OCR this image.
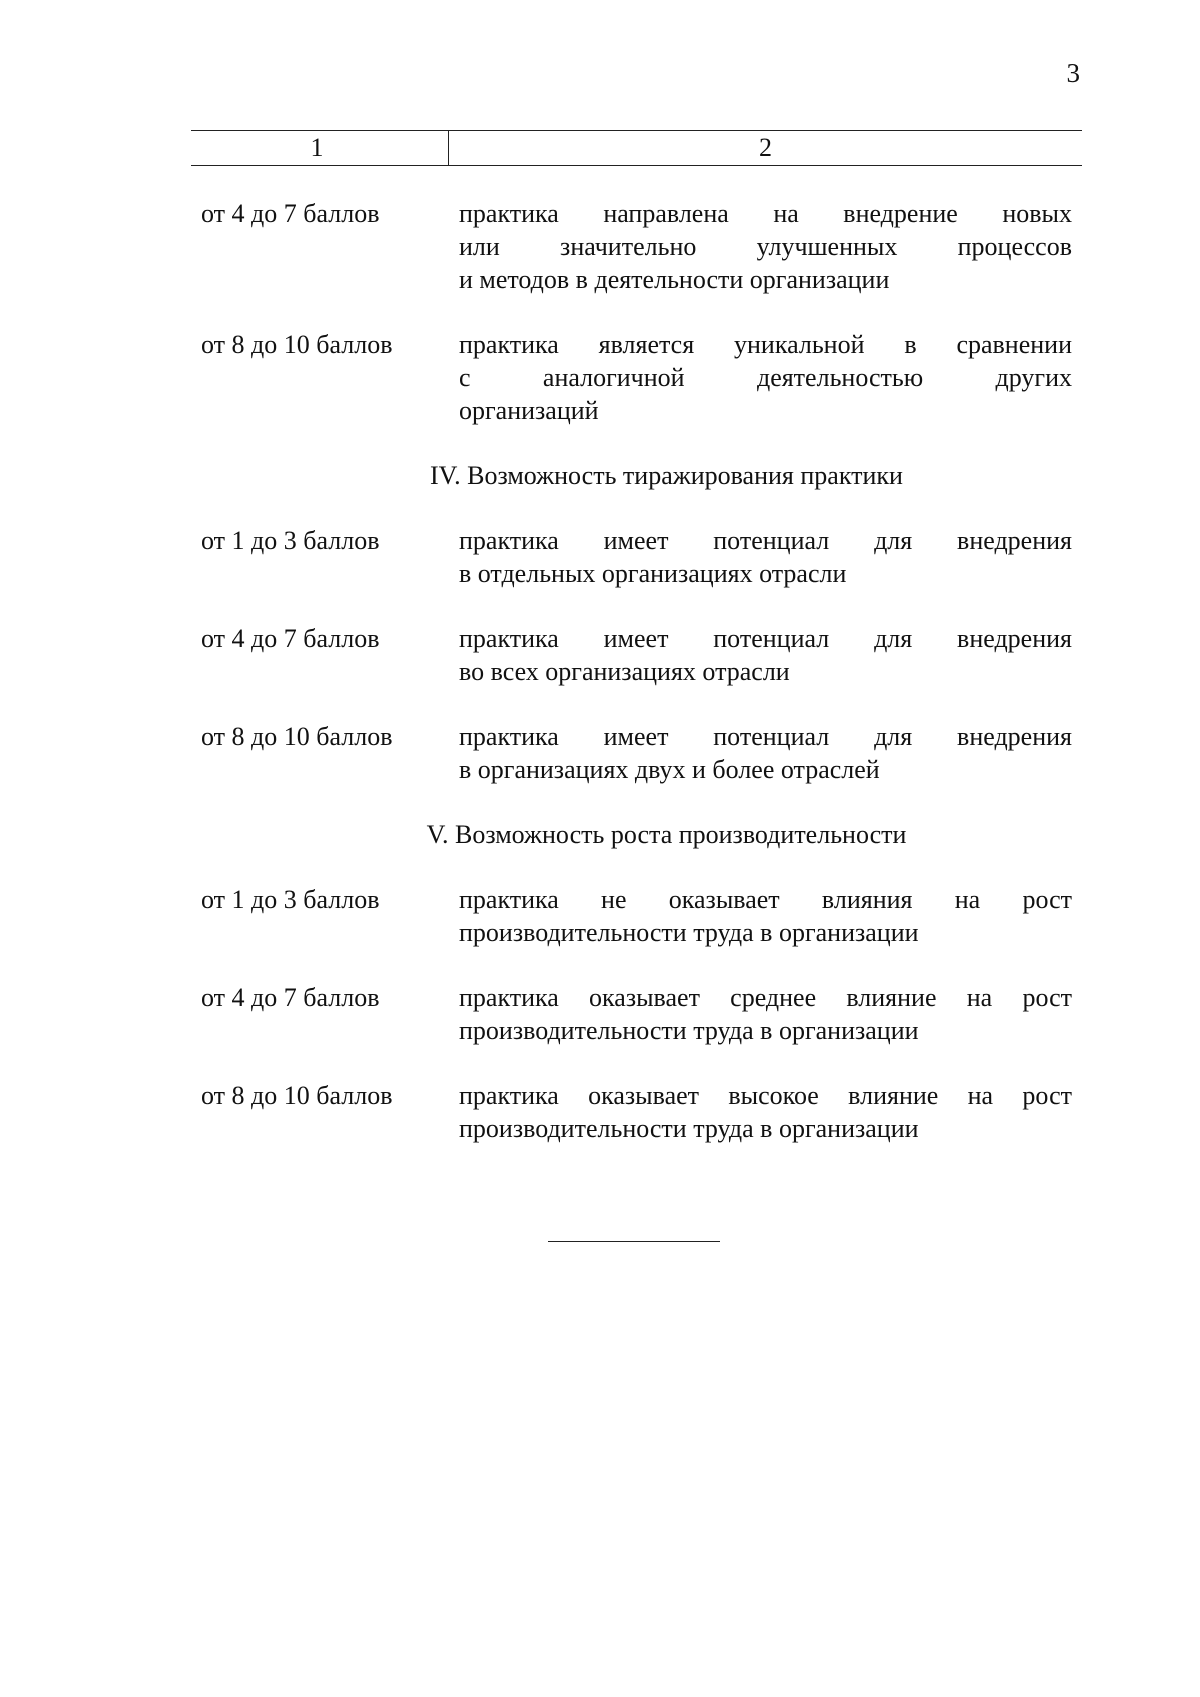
3
1	2
от 4 до 7 баллов	практика направлена на внедрение новых
или значительно улучшенных процессов
и методов в деятельности организации
от 8 до 10 баллов	практика является уникальной в сравнении
с аналогичной деятельностью других
организаций
IV. Возможность тиражирования практики
от 1 до 3 баллов	практика имеет потенциал для внедрения
в отдельных организациях отрасли
от 4 до 7 баллов	практика имеет потенциал для внедрения
во всех организациях отрасли
от 8 до 10 баллов	практика имеет потенциал для внедрения
в организациях двух и более отраслей
V. Возможность роста производительности
от 1 до 3 баллов	практика не оказывает влияния на рост
производительности труда в организации
от 4 до 7 баллов	практика оказывает среднее влияние на рост
производительности труда в организации
от 8 до 10 баллов	практика оказывает высокое влияние на рост
производительности труда в организации
